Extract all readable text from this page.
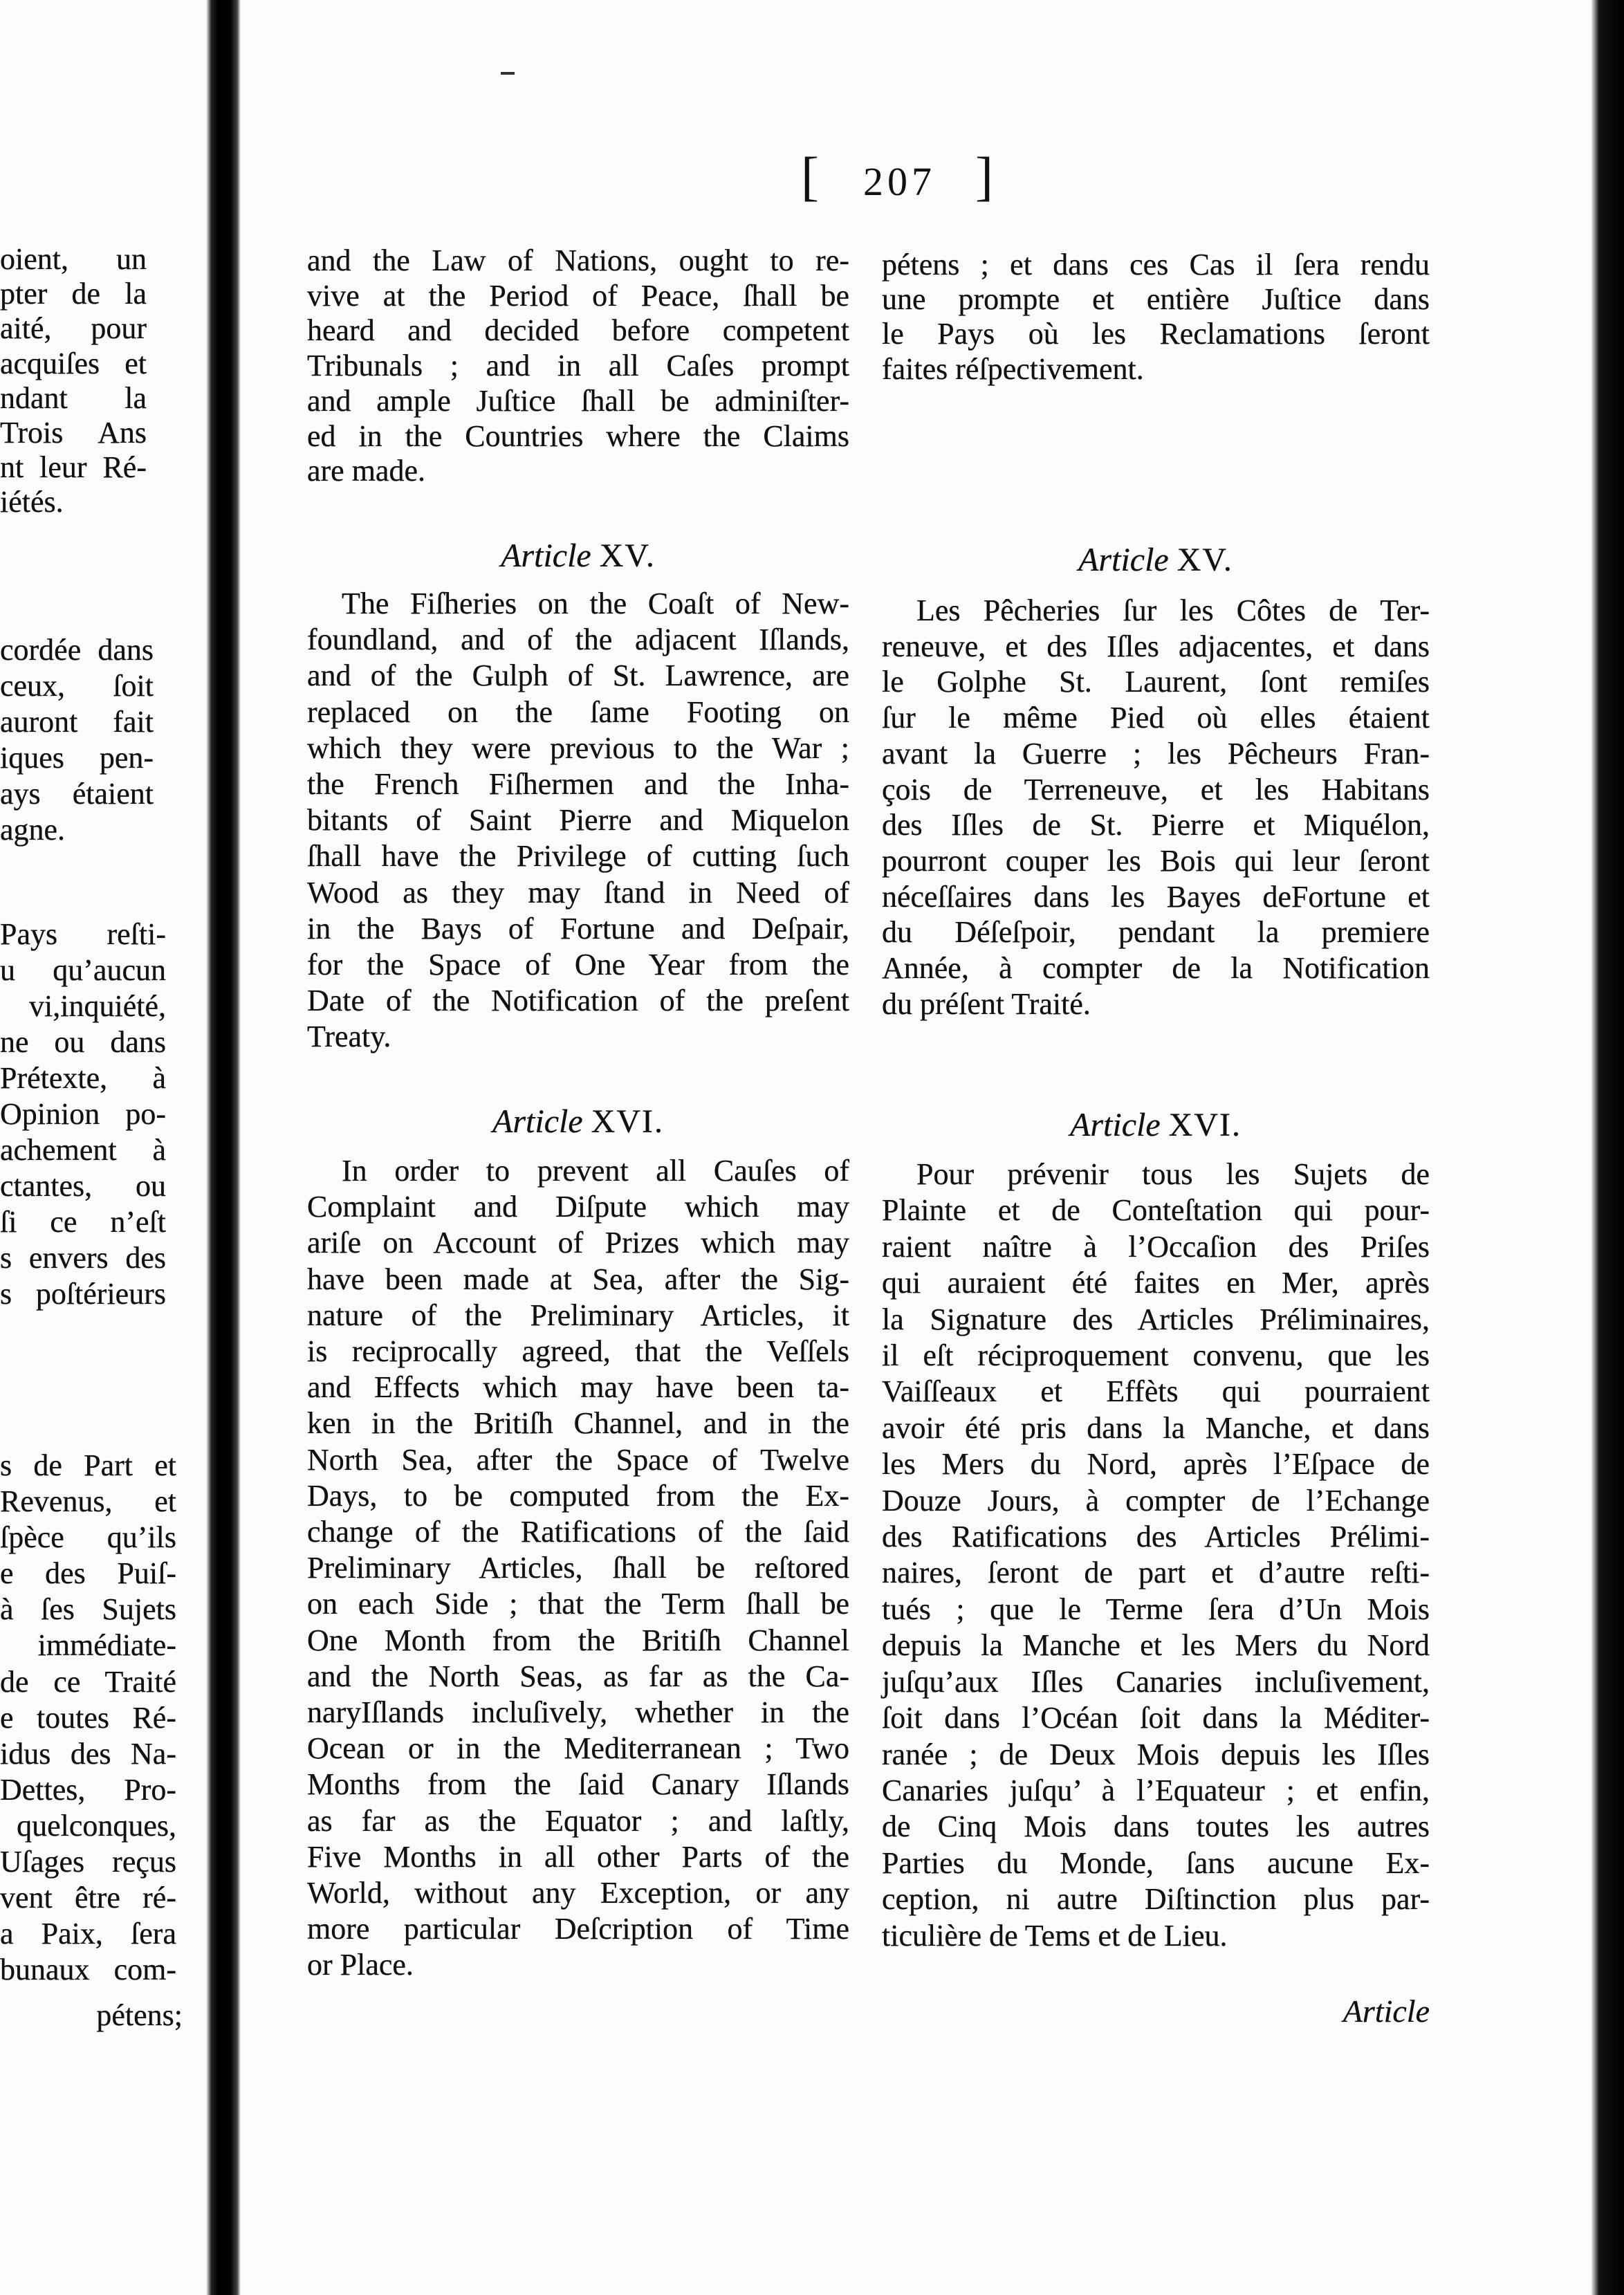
[ 207 ]
oient, un
pter de la
aité, pour
acquiſes et
ndant la
Trois Ans
nt leur Ré-
iétés.
cordée dans
ceux, ſoit
auront fait
iques pen-
ays étaient
agne.
Pays reſti-
u qu’aucun
vi,inquiété,
ne ou dans
Prétexte, à
Opinion po-
achement à
ctantes, ou
ſi ce n’eſt
s envers des
s poſtérieurs
s de Part et
Revenus, et
ſpèce qu’ils
e des Puiſ-
à ſes Sujets
immédiate-
de ce Traité
e toutes Ré-
idus des Na-
Dettes, Pro-
quelconques,
Uſages reçus
vent être ré-
a Paix, ſera
bunaux com-
pétens;
and the Law of Nations, ought to re-
vive at the Period of Peace, ſhall be
heard and decided before competent
Tribunals ; and in all Caſes prompt
and ample Juſtice ſhall be adminiſter-
ed in the Countries where the Claims
are made.
Article XV.
The Fiſheries on the Coaſt of New-
foundland, and of the adjacent Iſlands,
and of the Gulph of St. Lawrence, are
replaced on the ſame Footing on
which they were previous to the War ;
the French Fiſhermen and the Inha-
bitants of Saint Pierre and Miquelon
ſhall have the Privilege of cutting ſuch
Wood as they may ſtand in Need of
in the Bays of Fortune and Deſpair,
for the Space of One Year from the
Date of the Notification of the preſent
Treaty.
Article XVI.
In order to prevent all Cauſes of
Complaint and Diſpute which may
ariſe on Account of Prizes which may
have been made at Sea, after the Sig-
nature of the Preliminary Articles, it
is reciprocally agreed, that the Veſſels
and Effects which may have been ta-
ken in the Britiſh Channel, and in the
North Sea, after the Space of Twelve
Days, to be computed from the Ex-
change of the Ratifications of the ſaid
Preliminary Articles, ſhall be reſtored
on each Side ; that the Term ſhall be
One Month from the Britiſh Channel
and the North Seas, as far as the Ca-
naryIſlands incluſively, whether in the
Ocean or in the Mediterranean ; Two
Months from the ſaid Canary Iſlands
as far as the Equator ; and laſtly,
Five Months in all other Parts of the
World, without any Exception, or any
more particular Deſcription of Time
or Place.
pétens ; et dans ces Cas il ſera rendu
une prompte et entière Juſtice dans
le Pays où les Reclamations ſeront
faites réſpectivement.
Article XV.
Les Pêcheries ſur les Côtes de Ter-
reneuve, et des Iſles adjacentes, et dans
le Golphe St. Laurent, ſont remiſes
ſur le même Pied où elles étaient
avant la Guerre ; les Pêcheurs Fran-
çois de Terreneuve, et les Habitans
des Iſles de St. Pierre et Miquélon,
pourront couper les Bois qui leur ſeront
néceſſaires dans les Bayes deFortune et
du Déſeſpoir, pendant la premiere
Année, à compter de la Notification
du préſent Traité.
Article XVI.
Pour prévenir tous les Sujets de
Plainte et de Conteſtation qui pour-
raient naître à l’Occaſion des Priſes
qui auraient été faites en Mer, après
la Signature des Articles Préliminaires,
il eſt réciproquement convenu, que les
Vaiſſeaux et Effèts qui pourraient
avoir été pris dans la Manche, et dans
les Mers du Nord, après l’Eſpace de
Douze Jours, à compter de l’Echange
des Ratifications des Articles Prélimi-
naires, ſeront de part et d’autre reſti-
tués ; que le Terme ſera d’Un Mois
depuis la Manche et les Mers du Nord
juſqu’aux Iſles Canaries incluſivement,
ſoit dans l’Océan ſoit dans la Méditer-
ranée ; de Deux Mois depuis les Iſles
Canaries juſqu’ à l’Equateur ; et enfin,
de Cinq Mois dans toutes les autres
Parties du Monde, ſans aucune Ex-
ception, ni autre Diſtinction plus par-
ticulière de Tems et de Lieu.
Article
